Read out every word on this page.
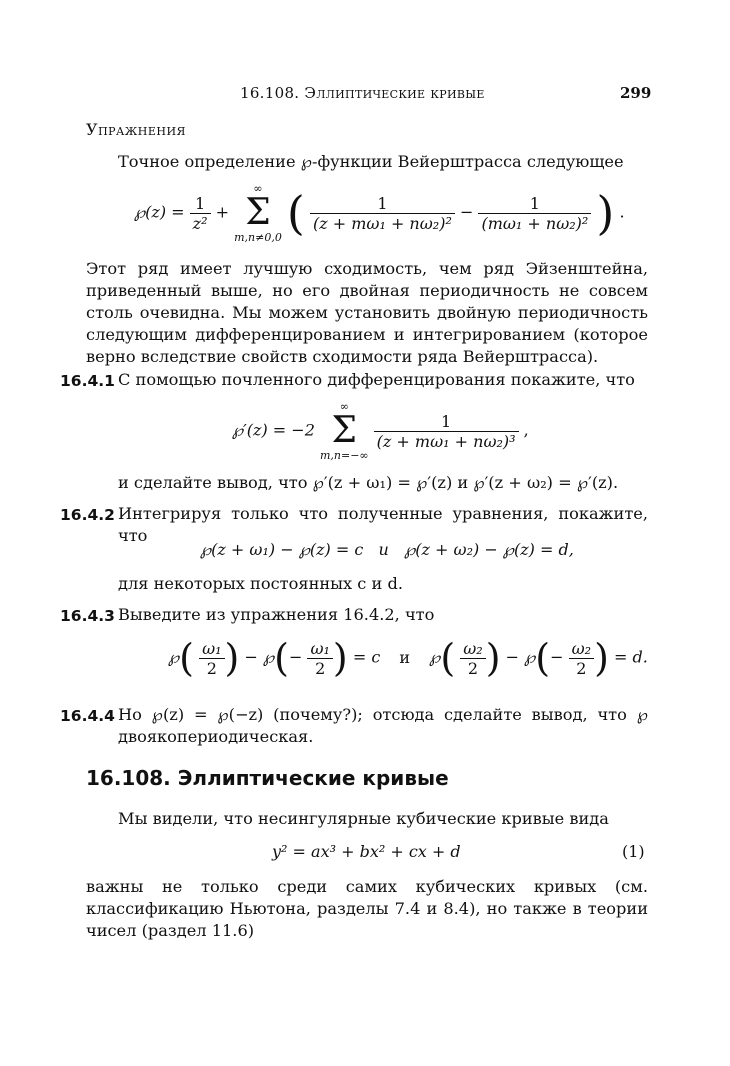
16.108. Эллиптические кривые	299
Упражнения
Точное определение ℘-функции Вейерштрасса следующее
℘(z) = $\frac{1}{\text{z²}}$ +
∞
Σ
m,n≠0,0 ( $\frac{1}{\text{(z + mω₁ + nω₂)²}} - \frac{1}{\text{(mω₁ + nω₂)²}}$ ) .
Этот ряд имеет лучшую сходимость, чем ряд Эйзенштейна, приведенный выше, но его двойная периодичность не совсем столь очевидна. Мы можем установить двойную периодичность следующим дифференцированием и интегрированием (которое верно вследствие свойств сходимости ряда Вейерштрасса).
16.4.1 С помощью почленного дифференцирования покажите, что
℘′(z) = −2
∞
Σ
m,n=−∞

$\frac{1}{\text{(z + mω₁ + nω₂)³}}$ ,
и сделайте вывод, что ℘′(z + ω₁) = ℘′(z) и ℘′(z + ω₂) = ℘′(z).
16.4.2 Интегрируя только что полученные уравнения, покажите, что
℘(z + ω₁) − ℘(z) = c   и   ℘(z + ω₂) − ℘(z) = d,
для некоторых постоянных c и d.
16.4.3 Выведите из упражнения 16.4.2, что
℘( $\frac{\text{ω₁}}{2}$ ) − ℘(− $\frac{\text{ω₁}}{2}$ ) = c и ℘( $\frac{\text{ω₂}}{2}$ ) − ℘(− $\frac{\text{ω₂}}{2}$ ) = d.
16.4.4 Но ℘(z) = ℘(−z) (почему?); отсюда сделайте вывод, что ℘ двоякопериодическая.
16.108. Эллиптические кривые
Мы видели, что несингулярные кубические кривые вида
y² = ax³ + bx² + cx + d	(1)
важны не только среди самих кубических кривых (см. классификацию Ньютона, разделы 7.4 и 8.4), но также в теории чисел (раздел 11.6)
